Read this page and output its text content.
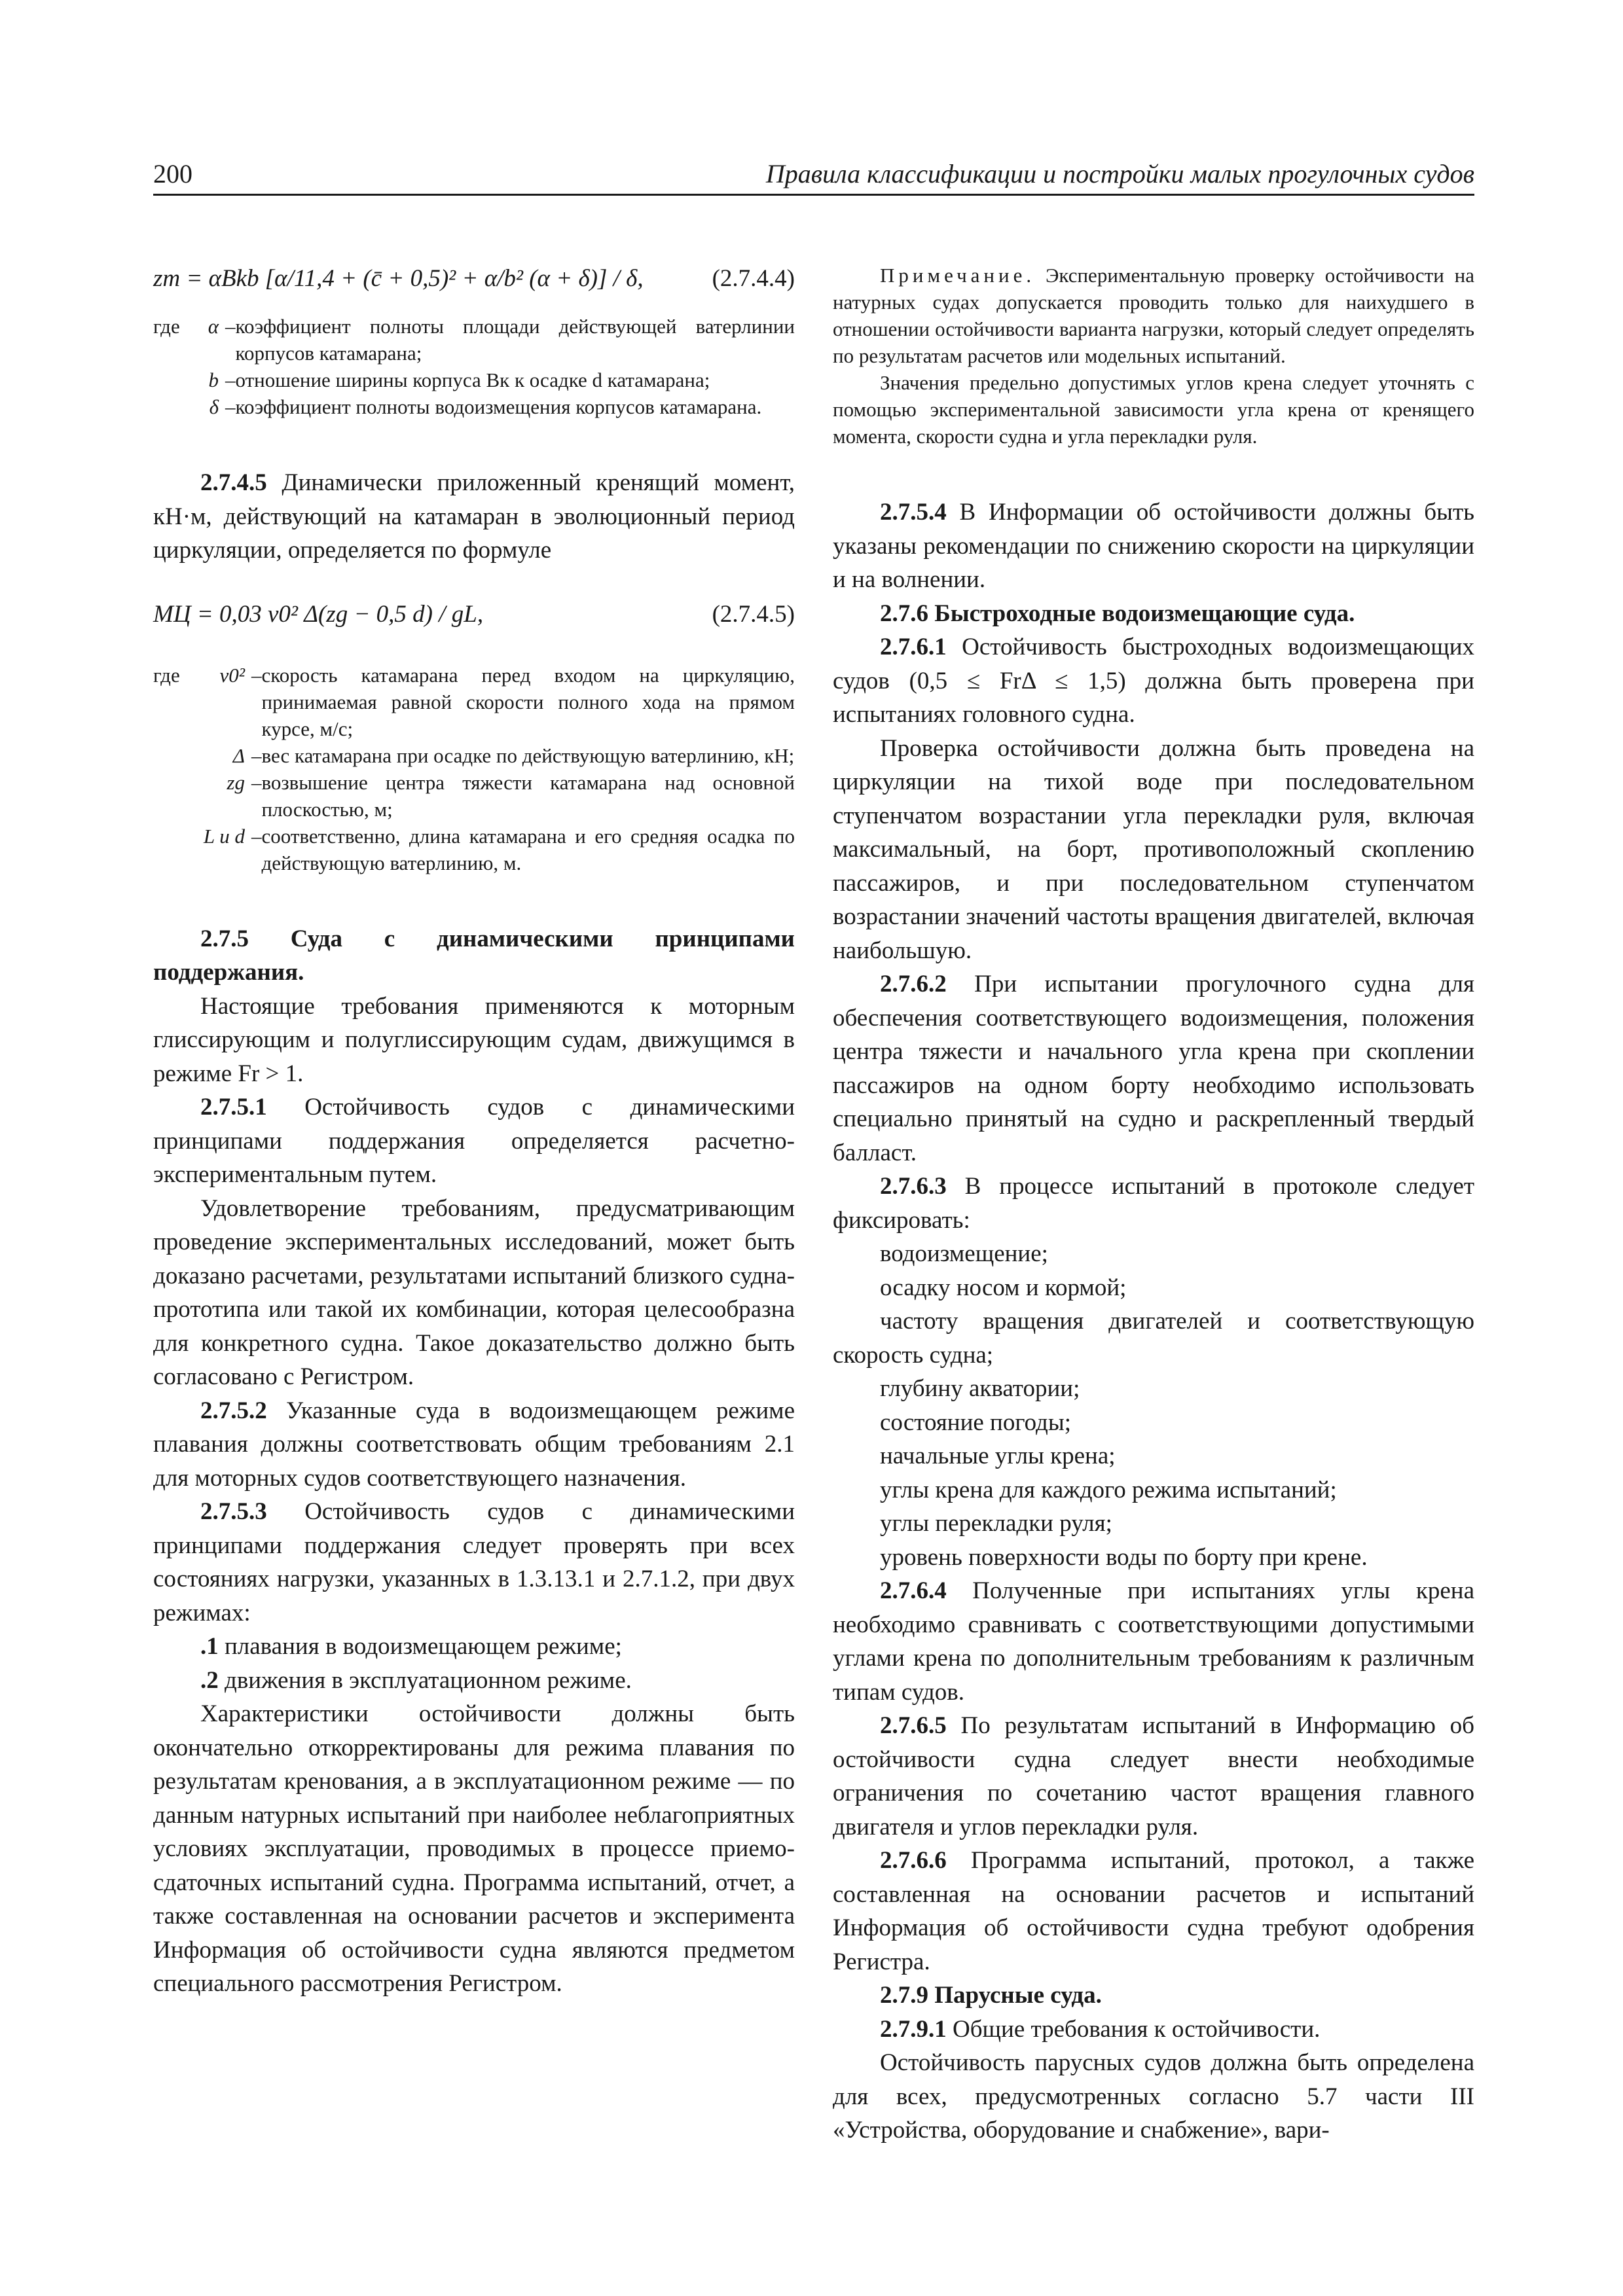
200	Правила классификации и постройки малых прогулочных судов
zm = αBkb [α/11,4 + (c̄ + 0,5)² + α/b² (α + δ)] / δ,	(2.7.4.4)
где	α – коэффициент полноты площади действующей ватерлинии корпусов катамарана;
b – отношение ширины корпуса Bк к осадке d катамарана;
δ – коэффициент полноты водоизмещения корпусов катамарана.

2.7.4.5 Динамически приложенный кренящий момент, кН·м, действующий на катамаран в эволюционный период циркуляции, определяется по формуле

MЦ = 0,03 v0² Δ(zg − 0,5 d) / gL,	(2.7.4.5)
где	v0² – скорость катамарана перед входом на циркуляцию, принимаемая равной скорости полного хода на прямом курсе, м/с;
Δ – вес катамарана при осадке по действующую ватерлинию, кН;
zg – возвышение центра тяжести катамарана над основной плоскостью, м;
L и d – соответственно, длина катамарана и его средняя осадка по действующую ватерлинию, м.

2.7.5 Суда с динамическими принципами поддержания.

Настоящие требования применяются к моторным глиссирующим и полуглиссирующим судам, движущимся в режиме Fr > 1.

2.7.5.1 Остойчивость судов с динамическими принципами поддержания определяется расчетно-экспериментальным путем.

Удовлетворение требованиям, предусматривающим проведение экспериментальных исследований, может быть доказано расчетами, результатами испытаний близкого судна-прототипа или такой их комбинации, которая целесообразна для конкретного судна. Такое доказательство должно быть согласовано с Регистром.

2.7.5.2 Указанные суда в водоизмещающем режиме плавания должны соответствовать общим требованиям 2.1 для моторных судов соответствующего назначения.

2.7.5.3 Остойчивость судов с динамическими принципами поддержания следует проверять при всех состояниях нагрузки, указанных в 1.3.13.1 и 2.7.1.2, при двух режимах:

.1 плавания в водоизмещающем режиме;

.2 движения в эксплуатационном режиме.

Характеристики остойчивости должны быть окончательно откорректированы для режима плавания по результатам кренования, а в эксплуатационном режиме — по данным натурных испытаний при наиболее неблагоприятных условиях эксплуатации, проводимых в процессе приемо-сдаточных испытаний судна. Программа испытаний, отчет, а также составленная на основании расчетов и эксперимента Информация об остойчивости судна являются предметом специального рассмотрения Регистром.

Примечание. Экспериментальную проверку остойчивости на натурных судах допускается проводить только для наихудшего в отношении остойчивости варианта нагрузки, который следует определять по результатам расчетов или модельных испытаний.

Значения предельно допустимых углов крена следует уточнять с помощью экспериментальной зависимости угла крена от кренящего момента, скорости судна и угла перекладки руля.

2.7.5.4 В Информации об остойчивости должны быть указаны рекомендации по снижению скорости на циркуляции и на волнении.

2.7.6 Быстроходные водоизмещающие суда.

2.7.6.1 Остойчивость быстроходных водоизмещающих судов (0,5 ≤ FrΔ ≤ 1,5) должна быть проверена при испытаниях головного судна.

Проверка остойчивости должна быть проведена на циркуляции на тихой воде при последовательном ступенчатом возрастании угла перекладки руля, включая максимальный, на борт, противоположный скоплению пассажиров, и при последовательном ступенчатом возрастании значений частоты вращения двигателей, включая наибольшую.

2.7.6.2 При испытании прогулочного судна для обеспечения соответствующего водоизмещения, положения центра тяжести и начального угла крена при скоплении пассажиров на одном борту необходимо использовать специально принятый на судно и раскрепленный твердый балласт.

2.7.6.3 В процессе испытаний в протоколе следует фиксировать:

водоизмещение;

осадку носом и кормой;

частоту вращения двигателей и соответствующую скорость судна;

глубину акватории;

состояние погоды;

начальные углы крена;

углы крена для каждого режима испытаний;

углы перекладки руля;

уровень поверхности воды по борту при крене.

2.7.6.4 Полученные при испытаниях углы крена необходимо сравнивать с соответствующими допустимыми углами крена по дополнительным требованиям к различным типам судов.

2.7.6.5 По результатам испытаний в Информацию об остойчивости судна следует внести необходимые ограничения по сочетанию частот вращения главного двигателя и углов перекладки руля.

2.7.6.6 Программа испытаний, протокол, а также составленная на основании расчетов и испытаний Информация об остойчивости судна требуют одобрения Регистра.

2.7.9 Парусные суда.

2.7.9.1 Общие требования к остойчивости.

Остойчивость парусных судов должна быть определена для всех, предусмотренных согласно 5.7 части III «Устройства, оборудование и снабжение», вари-
